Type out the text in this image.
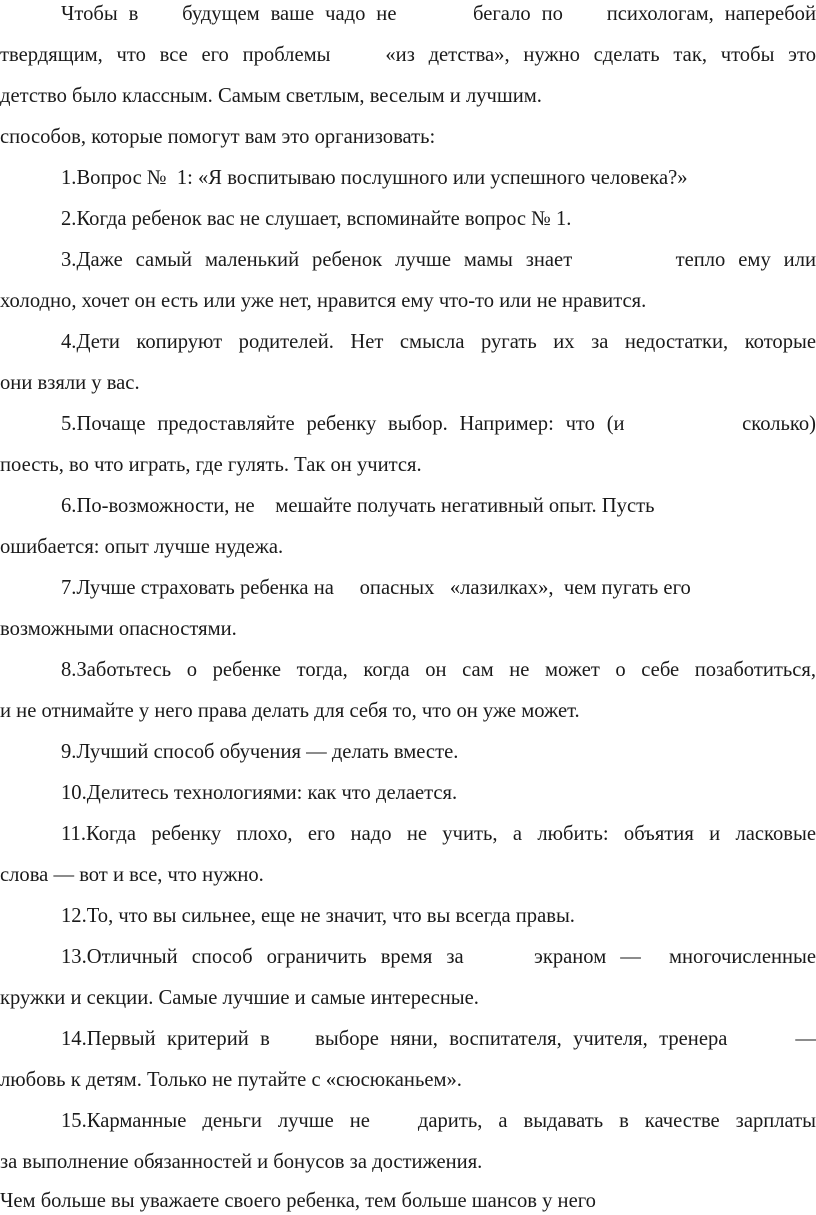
Чтобы в    будущем ваше чадо не       бегало по    психологам, наперебой
твердящим, что все его проблемы    «из детства», нужно сделать так, чтобы это
детство было классным. Самым светлым, веселым и лучшим.
способов, которые помогут вам это организовать:
1.Вопрос №  1: «Я воспитываю послушного или успешного человека?»
2.Когда ребенок вас не слушает, вспоминайте вопрос № 1.
3.Даже самый маленький ребенок лучше мамы знает        тепло ему или
холодно, хочет он есть или уже нет, нравится ему что-то или не нравится.
4.Дети копируют родителей. Нет смысла ругать их за недостатки, которые
они взяли у вас.
5.Почаще предоставляйте ребенку выбор. Например: что (и          сколько)
поесть, во что играть, где гулять. Так он учится.
6.По-возможности, не    мешайте получать негативный опыт. Пусть
ошибается: опыт лучше нудежа.
7.Лучше страховать ребенка на     опасных   «лазилках»,  чем пугать его
возможными опасностями.
8.Заботьтесь о ребенке тогда, когда он сам не может о себе позаботиться,
и не отнимайте у него права делать для себя то, что он уже может.
9.Лучший способ обучения — делать вместе.
10.Делитесь технологиями: как что делается.
11.Когда ребенку плохо, его надо не учить, а любить: объятия и ласковые
слова — вот и все, что нужно.
12.То, что вы сильнее, еще не значит, что вы всегда правы.
13.Отличный способ ограничить время за     экраном —  многочисленные
кружки и секции. Самые лучшие и самые интересные.
14.Первый критерий в    выборе няни, воспитателя, учителя, тренера      —
любовь к детям. Только не путайте с «сюсюканьем».
15.Карманные деньги лучше не   дарить, а выдавать в качестве зарплаты
за выполнение обязанностей и бонусов за достижения.
Чем больше вы уважаете своего ребенка, тем больше шансов у него
